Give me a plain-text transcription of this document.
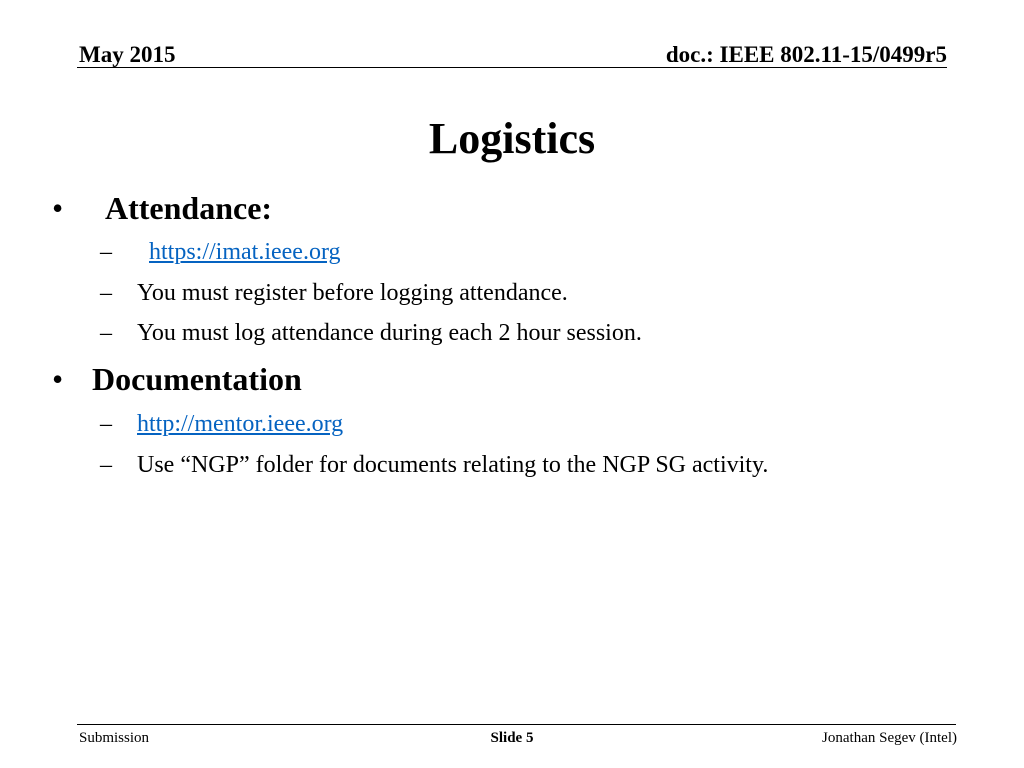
May 2015	doc.: IEEE 802.11-15/0499r5
Logistics
• Attendance:
– https://imat.ieee.org
– You must register before logging attendance.
– You must log attendance during each 2 hour session.
• Documentation
– http://mentor.ieee.org
– Use “NGP” folder for documents relating to the NGP SG activity.
Submission	Slide 5	Jonathan Segev (Intel)
